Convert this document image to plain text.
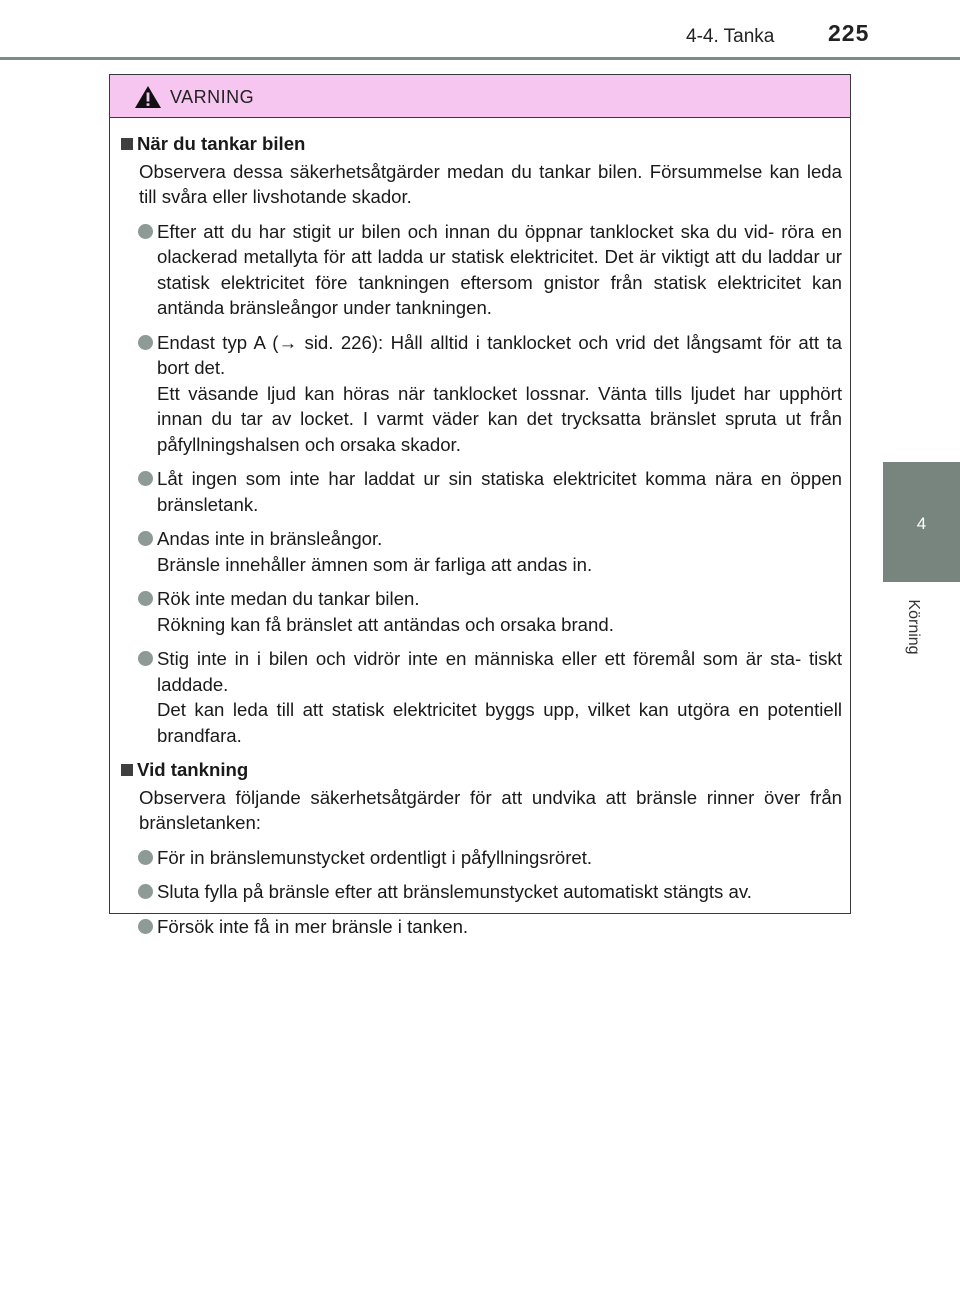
4-4. Tanka 225
4
Körning
VARNING
När du tankar bilen
Observera dessa säkerhetsåtgärder medan du tankar bilen. Försummelse kan leda till svåra eller livshotande skador.
Efter att du har stigit ur bilen och innan du öppnar tanklocket ska du vid- röra en olackerad metallyta för att ladda ur statisk elektricitet. Det är viktigt att du laddar ur statisk elektricitet före tankningen eftersom gnistor från statisk elektricitet kan antända bränsleångor under tankningen.
Endast typ A (→ sid. 226): Håll alltid i tanklocket och vrid det långsamt för att ta bort det.
Ett väsande ljud kan höras när tanklocket lossnar. Vänta tills ljudet har upphört innan du tar av locket. I varmt väder kan det trycksatta bränslet spruta ut från påfyllningshalsen och orsaka skador.
Låt ingen som inte har laddat ur sin statiska elektricitet komma nära en öppen bränsletank.
Andas inte in bränsleångor.
Bränsle innehåller ämnen som är farliga att andas in.
Rök inte medan du tankar bilen.
Rökning kan få bränslet att antändas och orsaka brand.
Stig inte in i bilen och vidrör inte en människa eller ett föremål som är sta- tiskt laddade.
Det kan leda till att statisk elektricitet byggs upp, vilket kan utgöra en potentiell brandfara.
Vid tankning
Observera följande säkerhetsåtgärder för att undvika att bränsle rinner över från bränsletanken:
För in bränslemunstycket ordentligt i påfyllningsröret.
Sluta fylla på bränsle efter att bränslemunstycket automatiskt stängts av.
Försök inte få in mer bränsle i tanken.
